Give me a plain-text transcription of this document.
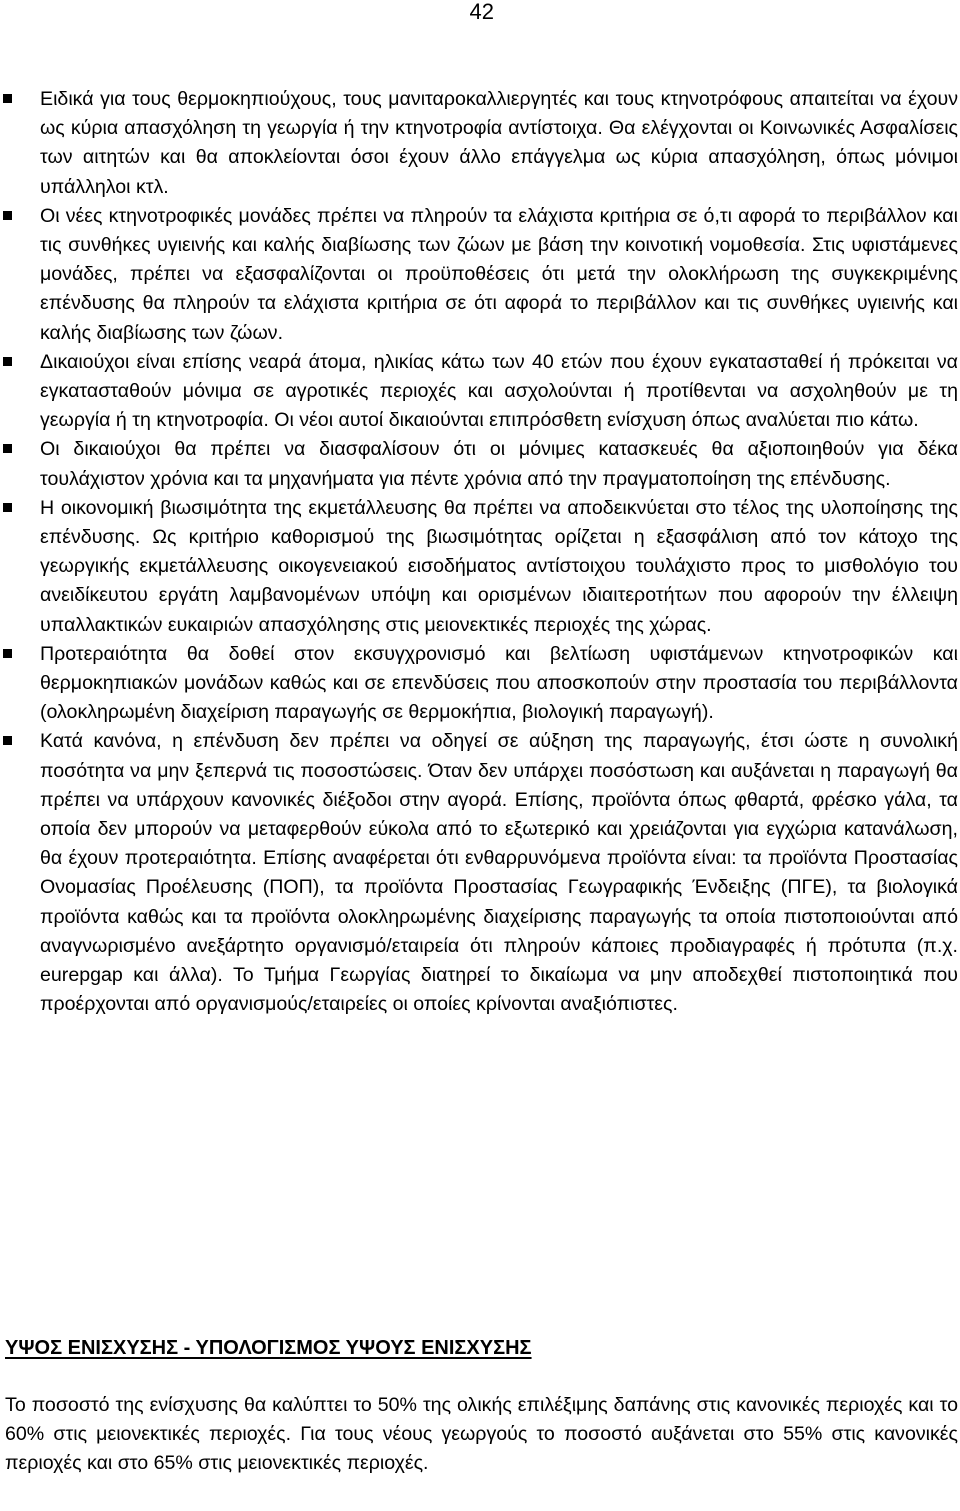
42
Ειδικά για τους θερμοκηπιούχους, τους μανιταροκαλλιεργητές και τους κτηνοτρόφους απαιτείται να έχουν ως κύρια απασχόληση τη γεωργία ή την κτηνοτροφία αντίστοιχα. Θα ελέγχονται οι Κοινωνικές Ασφαλίσεις των αιτητών και θα αποκλείονται όσοι έχουν άλλο επάγγελμα ως κύρια απασχόληση, όπως μόνιμοι υπάλληλοι κτλ.
Οι νέες κτηνοτροφικές μονάδες πρέπει να πληρούν τα ελάχιστα κριτήρια σε ό,τι αφορά το περιβάλλον και τις συνθήκες υγιεινής και καλής διαβίωσης των ζώων με βάση την κοινοτική νομοθεσία. Στις υφιστάμενες μονάδες, πρέπει να εξασφαλίζονται οι προϋποθέσεις ότι μετά την ολοκλήρωση της συγκεκριμένης επένδυσης θα πληρούν τα ελάχιστα κριτήρια σε ότι αφορά το περιβάλλον και τις συνθήκες υγιεινής και καλής διαβίωσης των ζώων.
Δικαιούχοι είναι επίσης νεαρά άτομα, ηλικίας κάτω των 40 ετών που έχουν εγκατασταθεί ή πρόκειται να εγκατασταθούν μόνιμα σε αγροτικές περιοχές και ασχολούνται ή προτίθενται να ασχοληθούν με τη γεωργία ή τη κτηνοτροφία. Οι νέοι αυτοί δικαιούνται επιπρόσθετη ενίσχυση όπως αναλύεται πιο κάτω.
Οι δικαιούχοι θα πρέπει να διασφαλίσουν ότι οι μόνιμες κατασκευές θα αξιοποιηθούν για δέκα τουλάχιστον χρόνια και τα μηχανήματα για πέντε χρόνια από την πραγματοποίηση της επένδυσης.
Η οικονομική βιωσιμότητα της εκμετάλλευσης θα πρέπει να αποδεικνύεται στο τέλος της υλοποίησης της επένδυσης. Ως κριτήριο καθορισμού της βιωσιμότητας ορίζεται η εξασφάλιση από τον κάτοχο της γεωργικής εκμετάλλευσης οικογενειακού εισοδήματος αντίστοιχου τουλάχιστο προς το μισθολόγιο του ανειδίκευτου εργάτη λαμβανομένων υπόψη και ορισμένων ιδιαιτεροτήτων που αφορούν την έλλειψη υπαλλακτικών ευκαιριών απασχόλησης στις μειονεκτικές περιοχές της χώρας.
Προτεραιότητα θα δοθεί στον εκσυγχρονισμό και βελτίωση υφιστάμενων κτηνοτροφικών και θερμοκηπιακών μονάδων καθώς και σε επενδύσεις που αποσκοπούν στην προστασία του περιβάλλοντα (ολοκληρωμένη διαχείριση παραγωγής σε θερμοκήπια, βιολογική παραγωγή).
Κατά κανόνα, η επένδυση δεν πρέπει να οδηγεί σε αύξηση της παραγωγής, έτσι ώστε η συνολική ποσότητα να μην ξεπερνά τις ποσοστώσεις. Όταν δεν υπάρχει ποσόστωση και αυξάνεται η παραγωγή θα πρέπει να υπάρχουν κανονικές διέξοδοι στην αγορά. Επίσης, προϊόντα όπως φθαρτά, φρέσκο γάλα, τα οποία δεν μπορούν να μεταφερθούν εύκολα από το εξωτερικό και χρειάζονται για εγχώρια κατανάλωση, θα έχουν προτεραιότητα. Επίσης αναφέρεται ότι ενθαρρυνόμενα προϊόντα είναι: τα προϊόντα Προστασίας Ονομασίας Προέλευσης (ΠΟΠ), τα προϊόντα Προστασίας Γεωγραφικής Ένδειξης (ΠΓΕ), τα βιολογικά προϊόντα καθώς και τα προϊόντα ολοκληρωμένης διαχείρισης παραγωγής τα οποία πιστοποιούνται από αναγνωρισμένο ανεξάρτητο οργανισμό/εταιρεία ότι πληρούν κάποιες προδιαγραφές ή πρότυπα (π.χ. eurepgap και άλλα). Το Τμήμα Γεωργίας διατηρεί το δικαίωμα να μην αποδεχθεί πιστοποιητικά που προέρχονται από οργανισμούς/εταιρείες οι οποίες κρίνονται αναξιόπιστες.
ΥΨΟΣ ΕΝΙΣΧΥΣΗΣ - ΥΠΟΛΟΓΙΣΜΟΣ ΥΨΟΥΣ ΕΝΙΣΧΥΣΗΣ

Το ποσοστό της ενίσχυσης θα καλύπτει το 50% της ολικής επιλέξιμης δαπάνης στις κανονικές περιοχές και το 60% στις μειονεκτικές περιοχές. Για τους νέους γεωργούς το ποσοστό αυξάνεται στο 55% στις κανονικές περιοχές και στο 65% στις μειονεκτικές περιοχές.
